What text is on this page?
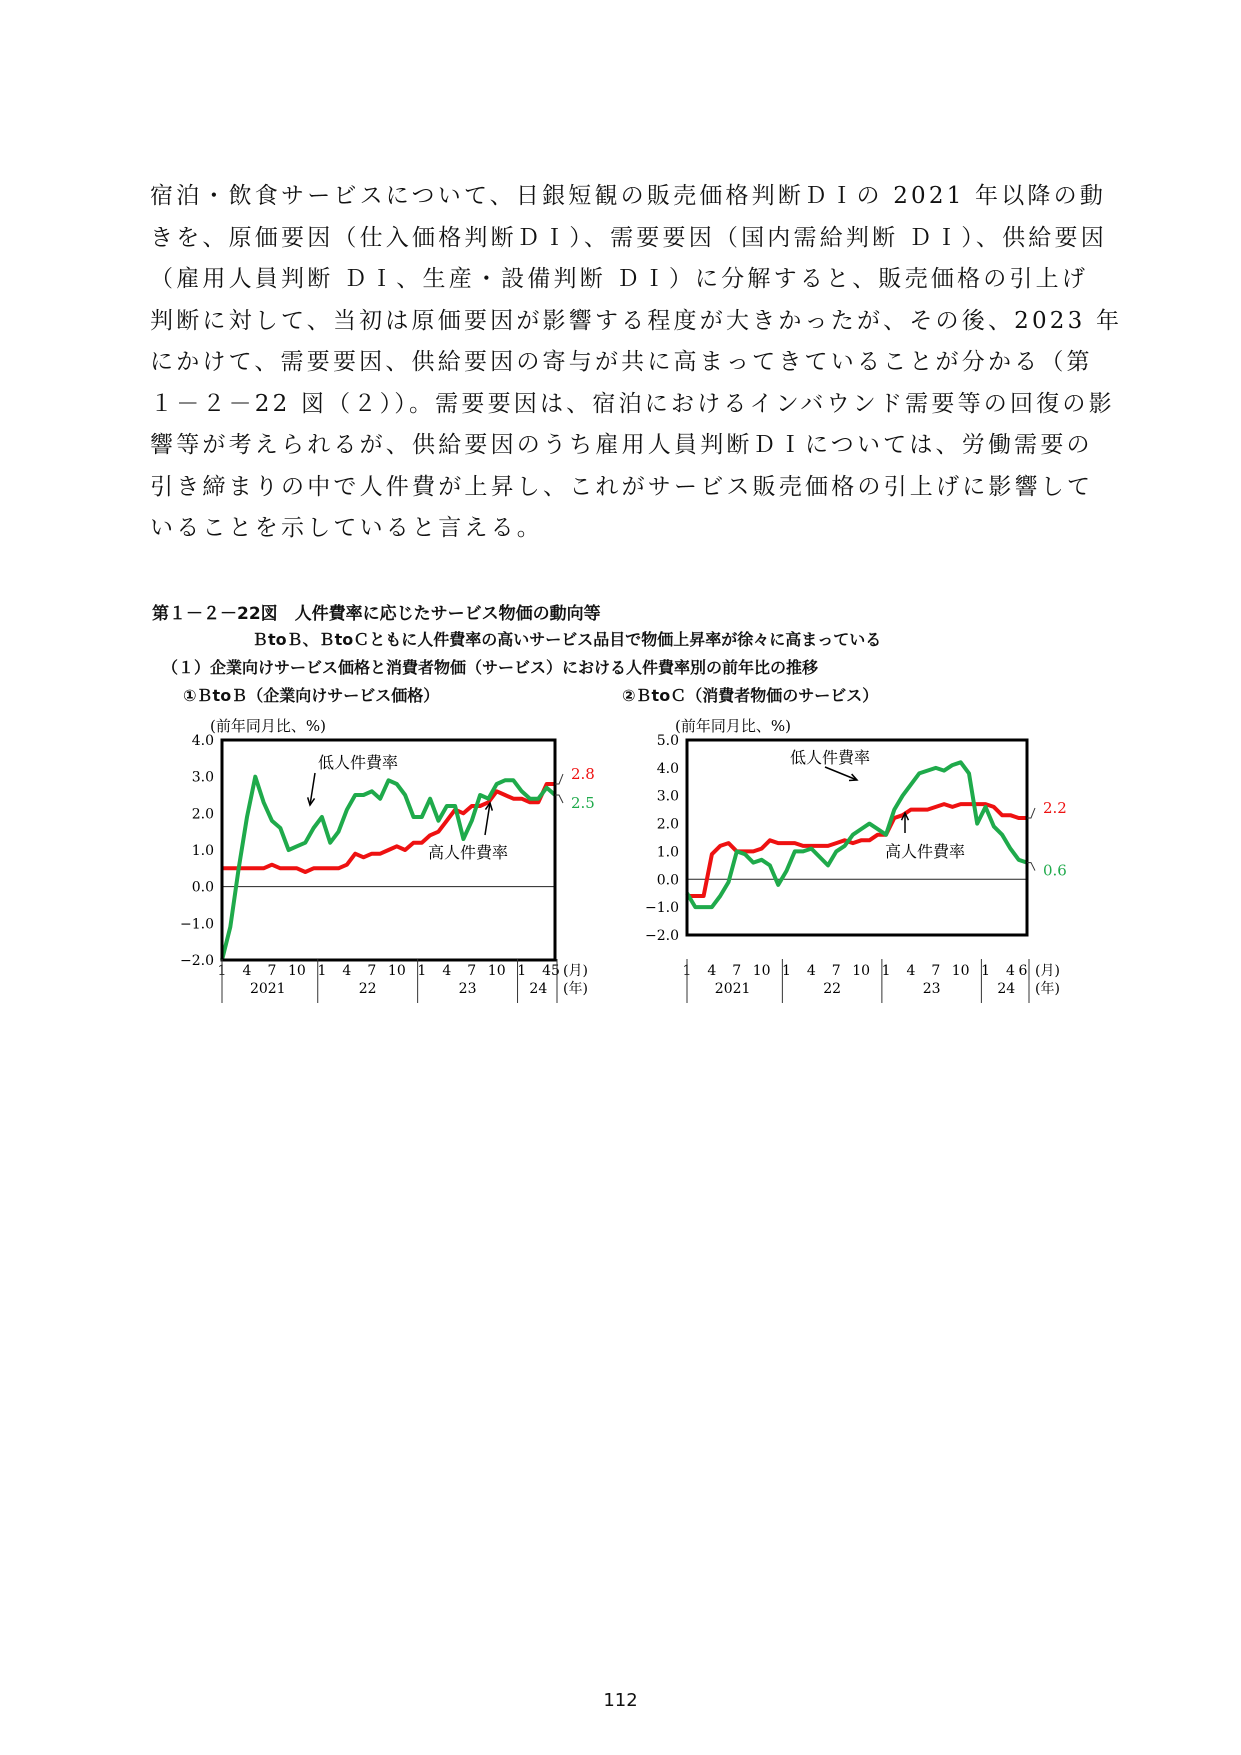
宿泊・飲食サービスについて、日銀短観の販売価格判断ＤＩの 2021 年以降の動

きを、原価要因（仕入価格判断ＤＩ）、需要要因（国内需給判断 ＤＩ）、供給要因

（雇用人員判断 ＤＩ、生産・設備判断 ＤＩ）に分解すると、販売価格の引上げ

判断に対して、当初は原価要因が影響する程度が大きかったが、その後、2023 年

にかけて、需要要因、供給要因の寄与が共に高まってきていることが分かる（第

１－２－22 図（２））。需要要因は、宿泊におけるインバウンド需要等の回復の影

響等が考えられるが、供給要因のうち雇用人員判断ＤＩについては、労働需要の

引き締まりの中で人件費が上昇し、これがサービス販売価格の引上げに影響して

いることを示していると言える。

第１－２－22図　人件費率に応じたサービス物価の動向等
ＢtoＢ、ＢtoＣともに人件費率の高いサービス品目で物価上昇率が徐々に高まっている
（１）企業向けサービス価格と消費者物価（サービス）における人件費率別の前年比の推移
①ＢtoＢ（企業向けサービス価格）	②ＢtoＣ（消費者物価のサービス）
(前年同月比、%)
4.0
3.0
2.0
1.0
0.0
−1.0
−2.0
2.5
2.8
低人件費率
高人件費率
1 4 7 10 1 4 7 10 1 4 7 10 1 45 (月)
2021	22	23	24 (年)
(前年同月比、%)
5.0
4.0
3.0
2.0
1.0
0.0
−1.0
−2.0
0.6
2.2
低人件費率
高人件費率
1 4 7 10 1 4 7 10 1 4 7 10 1 4 6 (月)
2021	22	23	24 (年)
112
